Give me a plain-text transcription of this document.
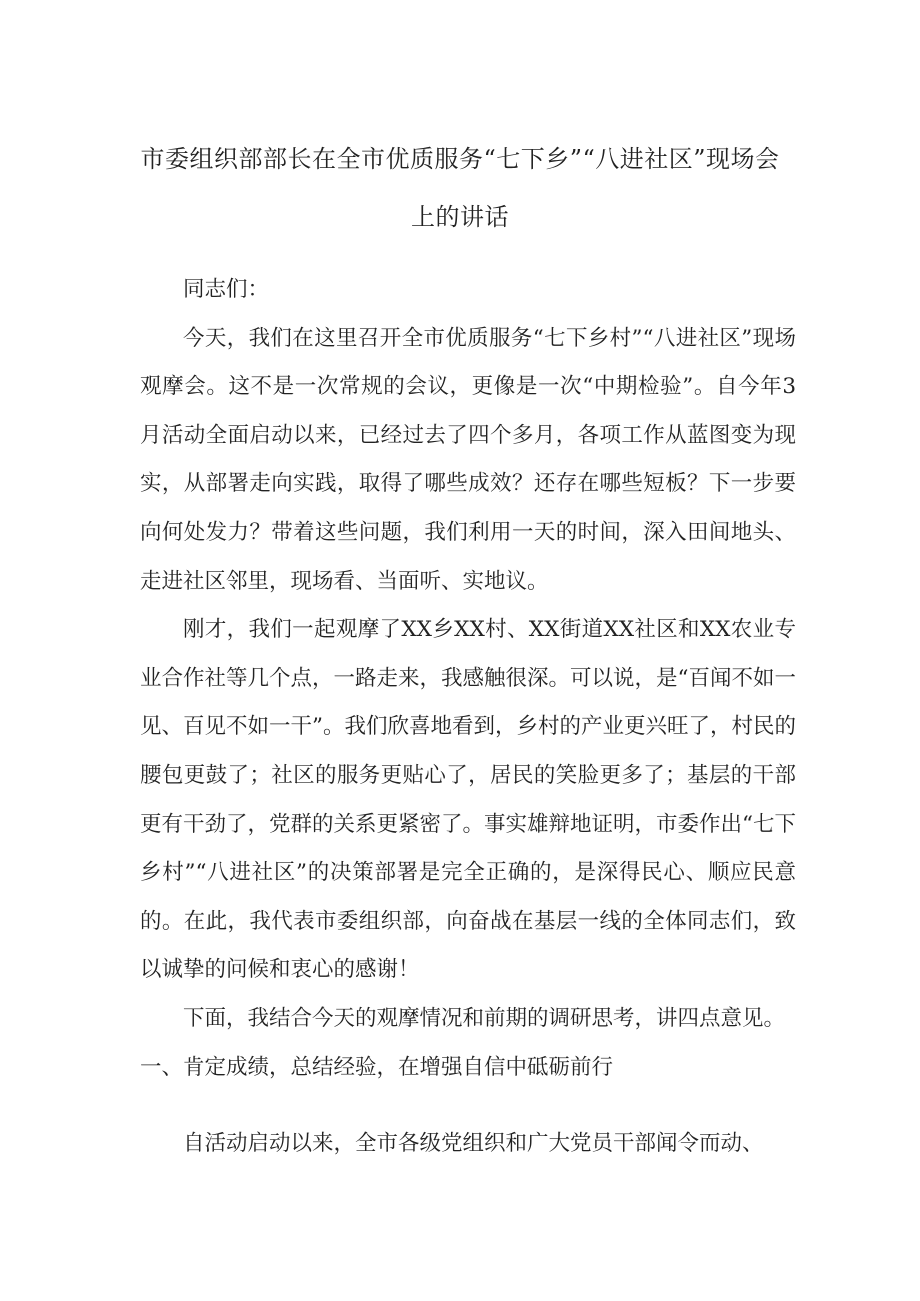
市委组织部部长在全市优质服务“七下乡”“八进社区”现场会上的讲话

同志们：

今天，我们在这里召开全市优质服务“七下乡村”“八进社区”现场观摩会。这不是一次常规的会议，更像是一次“中期检验”。自今年3月活动全面启动以来，已经过去了四个多月，各项工作从蓝图变为现实，从部署走向实践，取得了哪些成效？还存在哪些短板？下一步要向何处发力？带着这些问题，我们利用一天的时间，深入田间地头、走进社区邻里，现场看、当面听、实地议。

刚才，我们一起观摩了XX乡XX村、XX街道XX社区和XX农业专业合作社等几个点，一路走来，我感触很深。可以说，是“百闻不如一见、百见不如一干”。我们欣喜地看到，乡村的产业更兴旺了，村民的腰包更鼓了；社区的服务更贴心了，居民的笑脸更多了；基层的干部更有干劲了，党群的关系更紧密了。事实雄辩地证明，市委作出“七下乡村”“八进社区”的决策部署是完全正确的，是深得民心、顺应民意的。在此，我代表市委组织部，向奋战在基层一线的全体同志们，致以诚挚的问候和衷心的感谢！

下面，我结合今天的观摩情况和前期的调研思考，讲四点意见。

一、肯定成绩，总结经验，在增强自信中砥砺前行

自活动启动以来，全市各级党组织和广大党员干部闻令而动、
